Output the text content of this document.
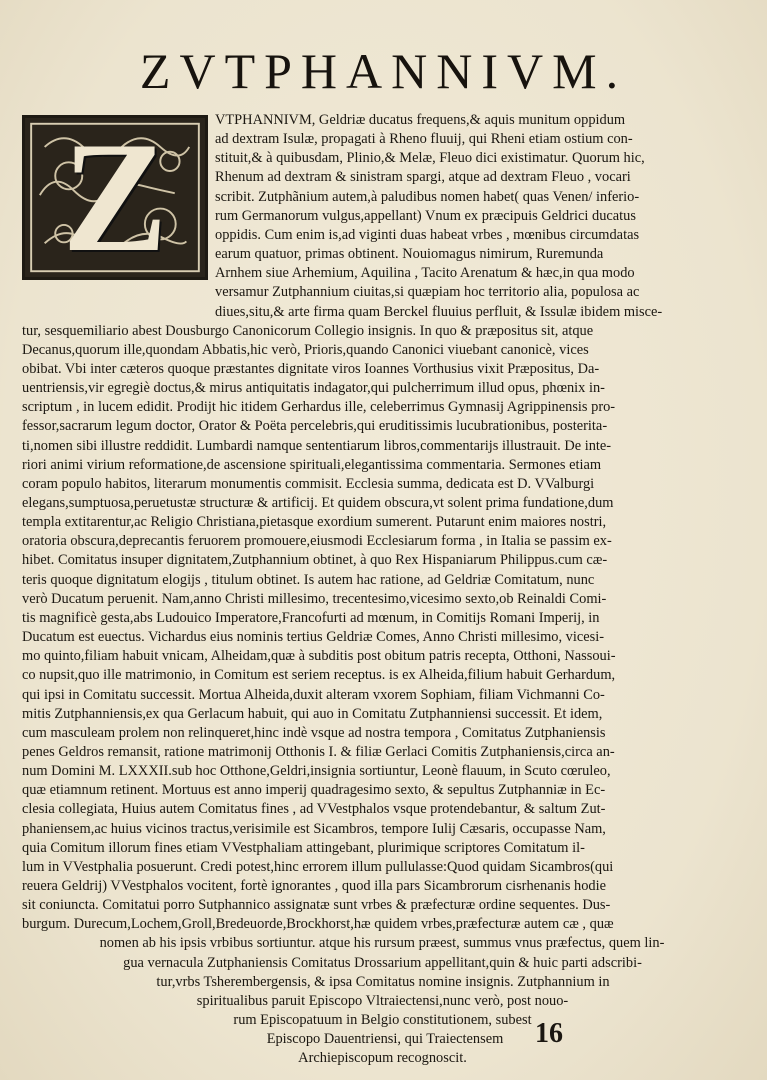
ZVTPHANNIVM.
Z	VTPHANNIVM, Geldriæ ducatus frequens,& aquis munitum oppidum
ad dextram Isulæ, propagati à Rheno fluuij, qui Rheni etiam ostium con-
stituit,& à quibusdam, Plinio,& Melæ, Fleuo dici existimatur. Quorum hic,
Rhenum ad dextram & sinistram spargi, atque ad dextram Fleuo , vocari
scribit. Zutphãnium autem,à paludibus nomen habet( quas Venen/ inferio-
rum Germanorum vulgus,appellant) Vnum ex præcipuis Geldrici ducatus
oppidis. Cum enim is,ad viginti duas habeat vrbes , mœnibus circumdatas
earum quatuor, primas obtinent. Nouiomagus nimirum, Ruremunda
Arnhem siue Arhemium, Aquilina , Tacito Arenatum & hæc,in qua modo
versamur Zutphannium ciuitas,si quæpiam hoc territorio alia, populosa ac
diues,situ,& arte firma quam Berckel fluuius perfluit, & Issulæ ibidem misce-
tur, sesquemiliario abest Dousburgo Canonicorum Collegio insignis. In quo & præpositus sit, atque
Decanus,quorum ille,quondam Abbatis,hic verò, Prioris,quando Canonici viuebant canonicè, vices
obibat. Vbi inter cæteros quoque præstantes dignitate viros Ioannes Vorthusius vixit Præpositus, Da-
uentriensis,vir egregiè doctus,& mirus antiquitatis indagator,qui pulcherrimum illud opus, phœnix in-
scriptum , in lucem edidit. Prodijt hic itidem Gerhardus ille, celeberrimus Gymnasij Agrippinensis pro-
fessor,sacrarum legum doctor, Orator & Poëta percelebris,qui eruditissimis lucubrationibus, posterita-
ti,nomen sibi illustre reddidit. Lumbardi namque sententiarum libros,commentarijs illustrauit. De inte-
riori animi virium reformatione,de ascensione spirituali,elegantissima commentaria. Sermones etiam
coram populo habitos, literarum monumentis commisit. Ecclesia summa, dedicata est D. VValburgi
elegans,sumptuosa,peruetustæ structuræ & artificij. Et quidem obscura,vt solent prima fundatione,dum
templa extitarentur,ac Religio Christiana,pietasque exordium sumerent. Putarunt enim maiores nostri,
oratoria obscura,deprecantis feruorem promouere,eiusmodi Ecclesiarum forma , in Italia se passim ex-
hibet. Comitatus insuper dignitatem,Zutphannium obtinet, à quo Rex Hispaniarum Philippus.cum cæ-
teris quoque dignitatum elogijs , titulum obtinet. Is autem hac ratione, ad Geldriæ Comitatum, nunc
verò Ducatum peruenit. Nam,anno Christi millesimo, trecentesimo,vicesimo sexto,ob Reinaldi Comi-
tis magnificè gesta,abs Ludouico Imperatore,Francofurti ad mœnum, in Comitijs Romani Imperij, in
Ducatum est euectus. Vichardus eius nominis tertius Geldriæ Comes, Anno Christi millesimo, vicesi-
mo quinto,filiam habuit vnicam, Alheidam,quæ à subditis post obitum patris recepta, Otthoni, Nassoui-
co nupsit,quo ille matrimonio, in Comitum est seriem receptus. is ex Alheida,filium habuit Gerhardum,
qui ipsi in Comitatu successit. Mortua Alheida,duxit alteram vxorem Sophiam, filiam Vichmanni Co-
mitis Zutphanniensis,ex qua Gerlacum habuit, qui auo in Comitatu Zutphanniensi successit. Et idem,
cum masculeam prolem non relinqueret,hinc indè vsque ad nostra tempora , Comitatus Zutphaniensis
penes Geldros remansit, ratione matrimonij Otthonis I. & filiæ Gerlaci Comitis Zutphaniensis,circa an-
num Domini M. LXXXII.sub hoc Otthone,Geldri,insignia sortiuntur, Leonè flauum, in Scuto cœruleo,
quæ etiamnum retinent. Mortuus est anno imperij quadragesimo sexto, & sepultus Zutphanniæ in Ec-
clesia collegiata, Huius autem Comitatus fines , ad VVestphalos vsque protendebantur, & saltum Zut-
phaniensem,ac huius vicinos tractus,verisimile est Sicambros, tempore Iulij Cæsaris, occupasse Nam,
quia Comitum illorum fines etiam VVestphaliam attingebant, plurimique scriptores Comitatum il-
lum in VVestphalia posuerunt. Credi potest,hinc errorem illum pullulasse:Quod quidam Sicambros(qui
reuera Geldrij) VVestphalos vocitent, fortè ignorantes , quod illa pars Sicambrorum cisrhenanis hodie
sit coniuncta. Comitatui porro Sutphannico assignatæ sunt vrbes & præfecturæ ordine sequentes. Dus-
burgum. Durecum,Lochem,Groll,Bredeuorde,Brockhorst,hæ quidem vrbes,præfecturæ autem cæ , quæ
nomen ab his ipsis vrbibus sortiuntur. atque his rursum præest, summus vnus præfectus, quem lin-
gua vernacula Zutphaniensis Comitatus Drossarium appellitant,quin & huic parti adscribi-
tur,vrbs Tsherembergensis, & ipsa Comitatus nomine insignis. Zutphannium in
spiritualibus paruit Episcopo Vltraiectensi,nunc verò, post nouo-
rum Episcopatuum in Belgio constitutionem, subest
Episcopo Dauentriensi, qui Traiectensem
Archiepiscopum recognoscit.
16
